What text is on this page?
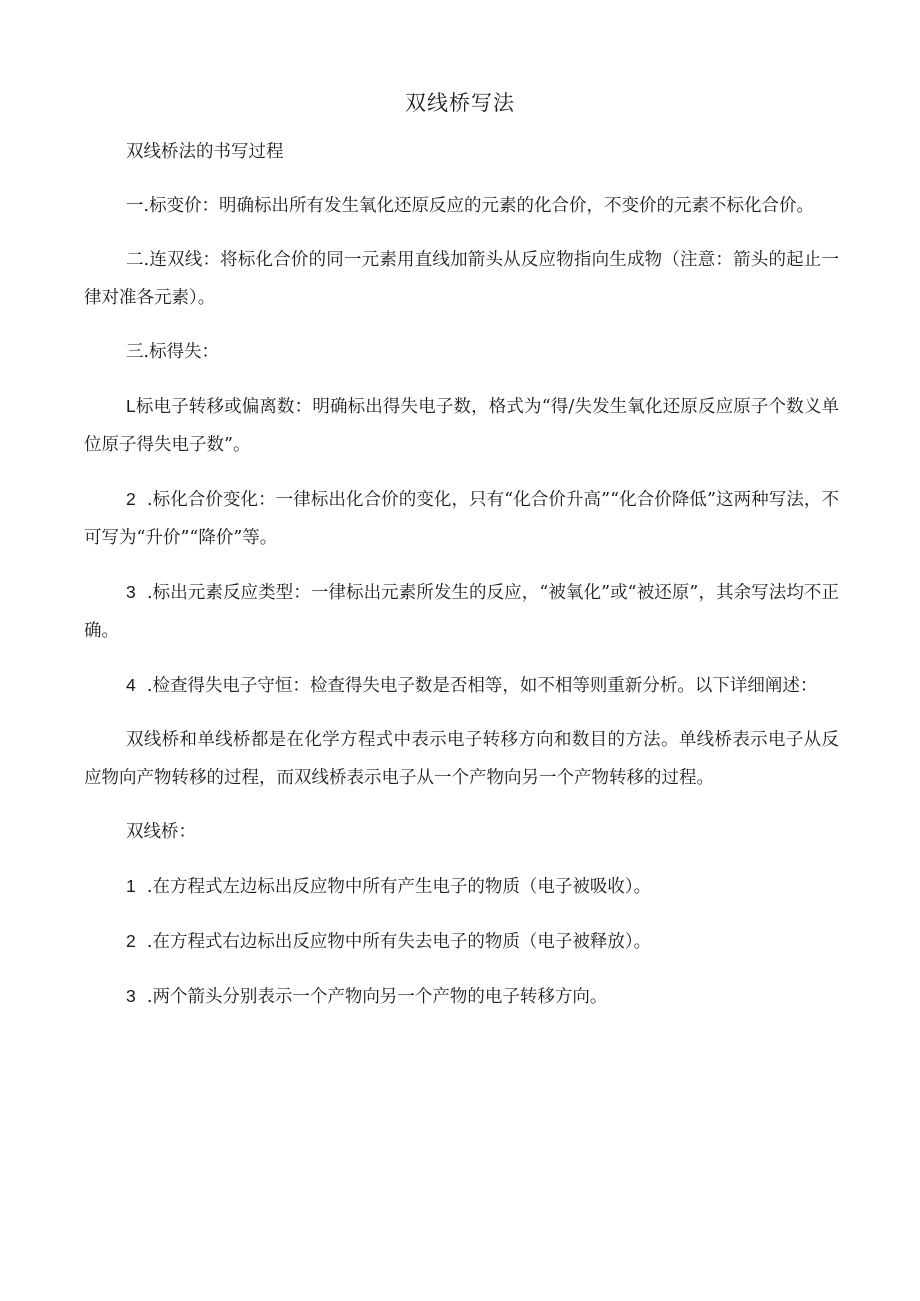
双线桥写法

双线桥法的书写过程

一.标变价：明确标出所有发生氧化还原反应的元素的化合价，不变价的元素不标化合价。

二.连双线：将标化合价的同一元素用直线加箭头从反应物指向生成物（注意：箭头的起止一律对准各元素）。

三.标得失：

L标电子转移或偏离数：明确标出得失电子数，格式为“得/失发生氧化还原反应原子个数义单位原子得失电子数”。

2 .标化合价变化：一律标出化合价的变化，只有“化合价升高”“化合价降低”这两种写法，不可写为“升价”“降价”等。

3 .标出元素反应类型：一律标出元素所发生的反应，“被氧化”或“被还原”，其余写法均不正确。

4 .检查得失电子守恒：检查得失电子数是否相等，如不相等则重新分析。以下详细阐述：

双线桥和单线桥都是在化学方程式中表示电子转移方向和数目的方法。单线桥表示电子从反应物向产物转移的过程，而双线桥表示电子从一个产物向另一个产物转移的过程。

双线桥：

1 .在方程式左边标出反应物中所有产生电子的物质（电子被吸收）。

2 .在方程式右边标出反应物中所有失去电子的物质（电子被释放）。

3 .两个箭头分别表示一个产物向另一个产物的电子转移方向。
